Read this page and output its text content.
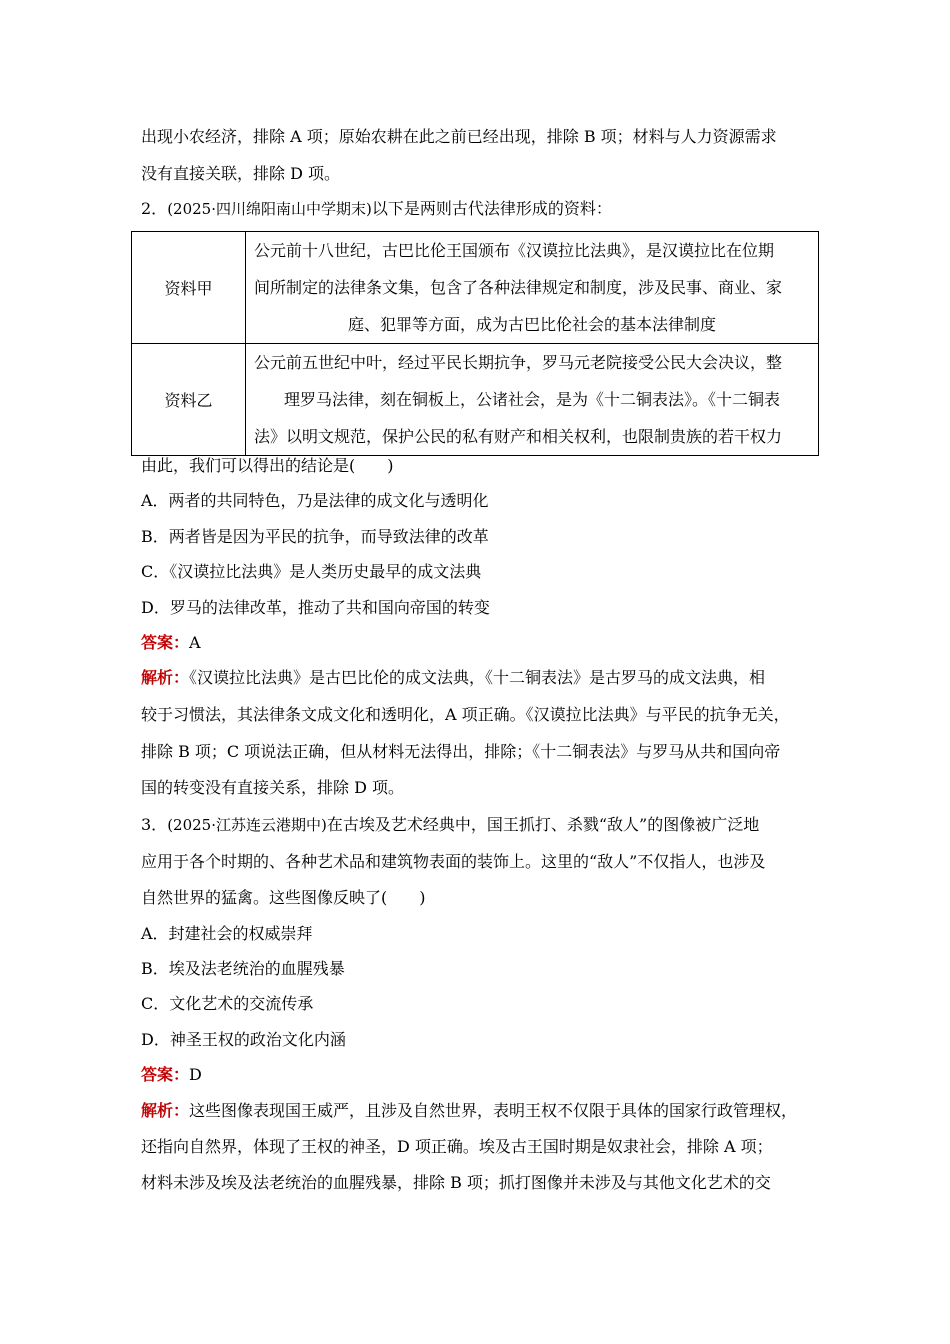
出现小农经济，排除 A 项；原始农耕在此之前已经出现，排除 B 项；材料与人力资源需求
没有直接关联，排除 D 项。
2．(2025·四川绵阳南山中学期末)以下是两则古代法律形成的资料：
资料甲	公元前十八世纪，古巴比伦王国颁布《汉谟拉比法典》，是汉谟拉比在位期
间所制定的法律条文集，包含了各种法律规定和制度，涉及民事、商业、家
庭、犯罪等方面，成为古巴比伦社会的基本法律制度

资料乙	公元前五世纪中叶，经过平民长期抗争，罗马元老院接受公民大会决议，整
理罗马法律，刻在铜板上，公诸社会，是为《十二铜表法》。《十二铜表
法》以明文规范，保护公民的私有财产和相关权利，也限制贵族的若干权力
由此，我们可以得出的结论是(　　)
A．两者的共同特色，乃是法律的成文化与透明化
B．两者皆是因为平民的抗争，而导致法律的改革
C．《汉谟拉比法典》是人类历史最早的成文法典
D．罗马的法律改革，推动了共和国向帝国的转变
答案：A
解析：《汉谟拉比法典》是古巴比伦的成文法典，《十二铜表法》是古罗马的成文法典，相
较于习惯法，其法律条文成文化和透明化，A 项正确。《汉谟拉比法典》与平民的抗争无关，
排除 B 项；C 项说法正确，但从材料无法得出，排除；《十二铜表法》与罗马从共和国向帝
国的转变没有直接关系，排除 D 项。
3．(2025·江苏连云港期中)在古埃及艺术经典中，国王抓打、杀戮“敌人”的图像被广泛地
应用于各个时期的、各种艺术品和建筑物表面的装饰上。这里的“敌人”不仅指人，也涉及
自然世界的猛禽。这些图像反映了(　　)
A．封建社会的权威崇拜
B．埃及法老统治的血腥残暴
C．文化艺术的交流传承
D．神圣王权的政治文化内涵
答案：D
解析：这些图像表现国王威严，且涉及自然世界，表明王权不仅限于具体的国家行政管理权，
还指向自然界，体现了王权的神圣，D 项正确。埃及古王国时期是奴隶社会，排除 A 项；
材料未涉及埃及法老统治的血腥残暴，排除 B 项；抓打图像并未涉及与其他文化艺术的交
